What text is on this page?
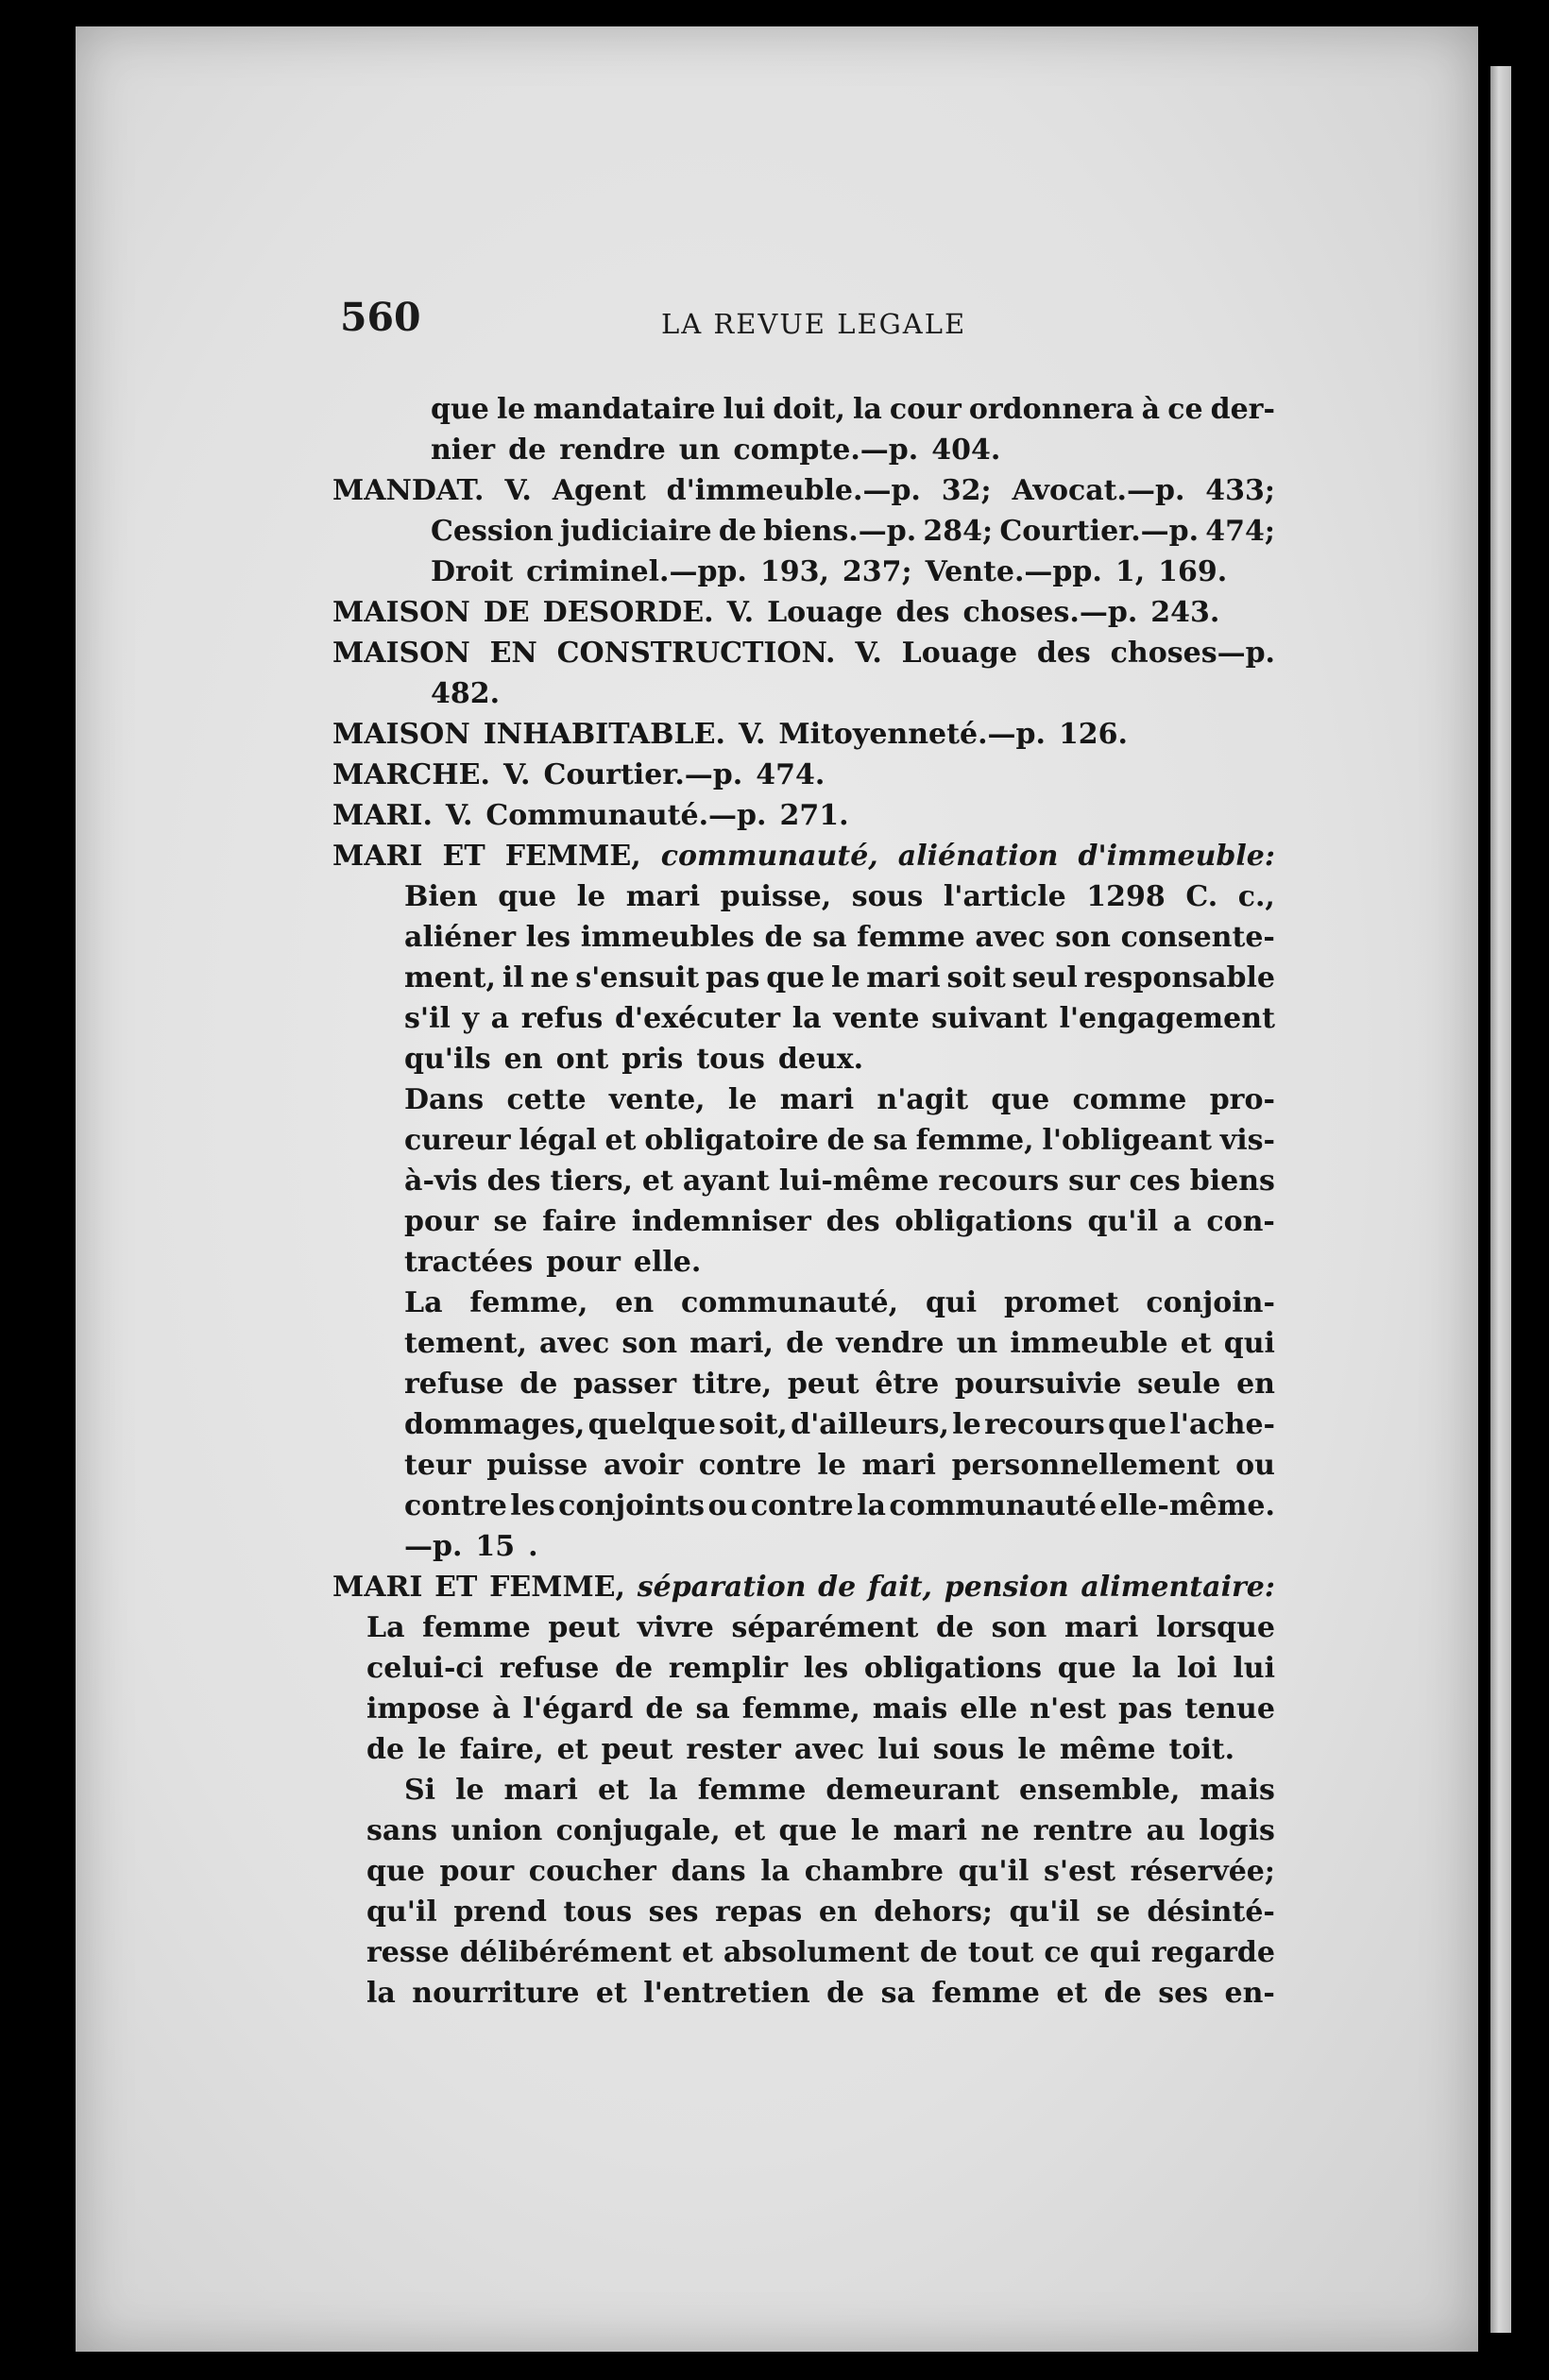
560	LA REVUE LEGALE
que le mandataire lui doit, la cour ordonnera à ce der-
nier de rendre un compte.—p. 404.
MANDAT. V. Agent d'immeuble.—p. 32; Avocat.—p. 433;
Cession judiciaire de biens.—p. 284; Courtier.—p. 474;
Droit criminel.—pp. 193, 237; Vente.—pp. 1, 169.
MAISON DE DESORDE. V. Louage des choses.—p. 243.
MAISON EN CONSTRUCTION. V. Louage des choses—p.
482.
MAISON INHABITABLE. V. Mitoyenneté.—p. 126.
MARCHE. V. Courtier.—p. 474.
MARI. V. Communauté.—p. 271.
MARI ET FEMME, communauté, aliénation d'immeuble:
Bien que le mari puisse, sous l'article 1298 C. c.,
aliéner les immeubles de sa femme avec son consente-
ment, il ne s'ensuit pas que le mari soit seul responsable
s'il y a refus d'exécuter la vente suivant l'engagement
qu'ils en ont pris tous deux.
Dans cette vente, le mari n'agit que comme pro-
cureur légal et obligatoire de sa femme, l'obligeant vis-
à-vis des tiers, et ayant lui-même recours sur ces biens
pour se faire indemniser des obligations qu'il a con-
tractées pour elle.
La femme, en communauté, qui promet conjoin-
tement, avec son mari, de vendre un immeuble et qui
refuse de passer titre, peut être poursuivie seule en
dommages, quelque soit, d'ailleurs, le recours que l'ache-
teur puisse avoir contre le mari personnellement ou
contre les conjoints ou contre la communauté elle-même.
—p. 15 .
MARI ET FEMME, séparation de fait, pension alimentaire:
La femme peut vivre séparément de son mari lorsque
celui-ci refuse de remplir les obligations que la loi lui
impose à l'égard de sa femme, mais elle n'est pas tenue
de le faire, et peut rester avec lui sous le même toit.
Si le mari et la femme demeurant ensemble, mais
sans union conjugale, et que le mari ne rentre au logis
que pour coucher dans la chambre qu'il s'est réservée;
qu'il prend tous ses repas en dehors; qu'il se désinté-
resse délibérément et absolument de tout ce qui regarde
la nourriture et l'entretien de sa femme et de ses en-
